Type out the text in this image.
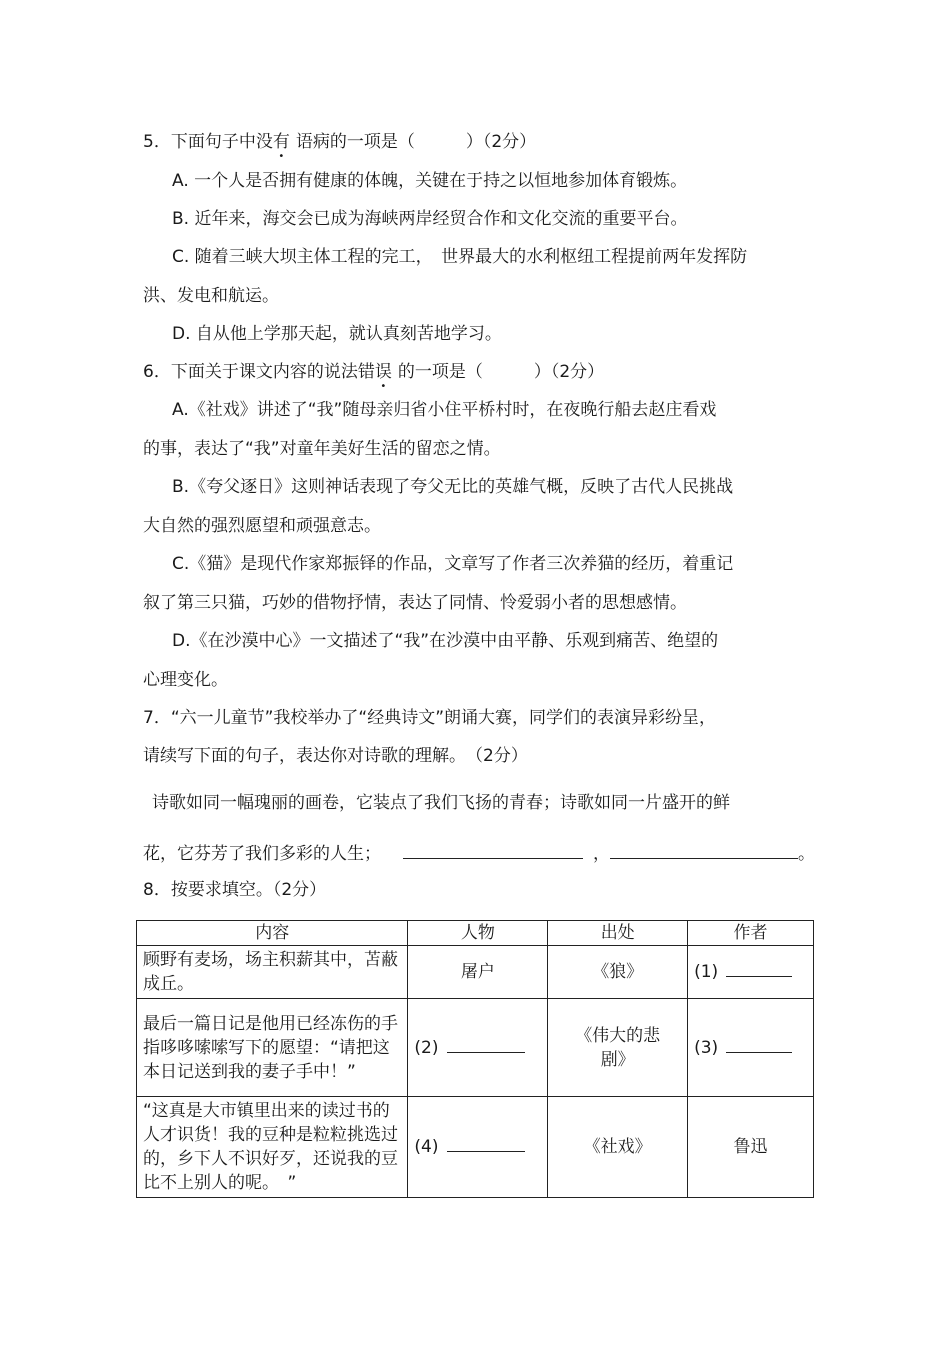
5．下面句子中没有
•
语病的一项是（　　　）（2分）
A. 一个人是否拥有健康的体魄，关键在于持之以恒地参加体育锻炼。
B. 近年来，海交会已成为海峡两岸经贸合作和文化交流的重要平台。
C. 随着三峡大坝主体工程的完工，　世界最大的水利枢纽工程提前两年发挥防
洪、发电和航运。
D. 自从他上学那天起，就认真刻苦地学习。
6．下面关于课文内容的说法错误
•
的一项是（　　　）（2分）
A.《社戏》讲述了“我”随母亲归省小住平桥村时，在夜晚行船去赵庄看戏
的事，表达了“我”对童年美好生活的留恋之情。
B.《夸父逐日》这则神话表现了夸父无比的英雄气概，反映了古代人民挑战
大自然的强烈愿望和顽强意志。
C.《猫》是现代作家郑振铎的作品，文章写了作者三次养猫的经历，着重记
叙了第三只猫，巧妙的借物抒情，表达了同情、怜爱弱小者的思想感情。
D.《在沙漠中心》一文描述了“我”在沙漠中由平静、乐观到痛苦、绝望的
心理变化。
7．“六一儿童节”我校举办了“经典诗文”朗诵大赛，同学们的表演异彩纷呈，
请续写下面的句子，表达你对诗歌的理解。　（2分）
诗歌如同一幅瑰丽的画卷，它装点了我们飞扬的青春；诗歌如同一片盛开的鲜
花，它芬芳了我们多彩的人生；	，	。
8．按要求填空。（2分）
内容	人物	出处	作者
顾野有麦场，场主积薪其中，苫蔽成丘。	屠户	《狼》	(1)
最后一篇日记是他用已经冻伤的手指哆哆嗦嗦写下的愿望：“请把这本日记送到我的妻子手中！”	(2)	《伟大的悲剧》	(3)
“这真是大市镇里出来的读过书的人才识货！我的豆种是粒粒挑选过的，乡下人不识好歹，还说我的豆比不上别人的呢。　”	(4)	《社戏》	鲁迅
